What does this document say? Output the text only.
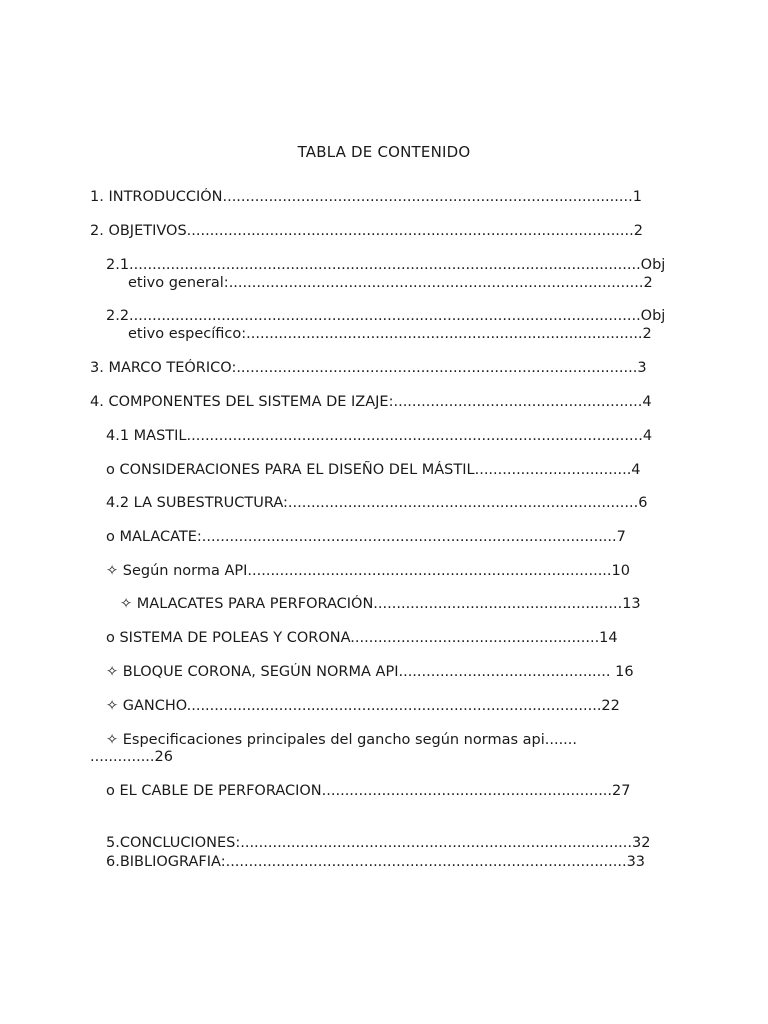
TABLA DE CONTENIDO
1. INTRODUCCIÓN.........................................................................................1
2. OBJETIVOS.................................................................................................2
2.1...............................................................................................................Obj
etivo general:..........................................................................................2
2.2...............................................................................................................Obj
etivo específico:......................................................................................2
3. MARCO TEÓRICO:.......................................................................................3
4. COMPONENTES DEL SISTEMA DE IZAJE:......................................................4
4.1 MASTIL...................................................................................................4
o CONSIDERACIONES PARA EL DISEÑO DEL MÁSTIL..................................4
4.2 LA SUBESTRUCTURA:............................................................................6
o MALACATE:..........................................................................................7
✧ Según norma API...............................................................................10
✧ MALACATES PARA PERFORACIÓN......................................................13
o SISTEMA DE POLEAS Y CORONA......................................................14
✧ BLOQUE CORONA, SEGÚN NORMA API.............................................. 16
✧ GANCHO..........................................................................................22
✧ Especificaciones principales del gancho según normas api.......
..............26
o EL CABLE DE PERFORACION...............................................................27
5.CONCLUCIONES:.....................................................................................32
6.BIBLIOGRAFIA:.......................................................................................33
